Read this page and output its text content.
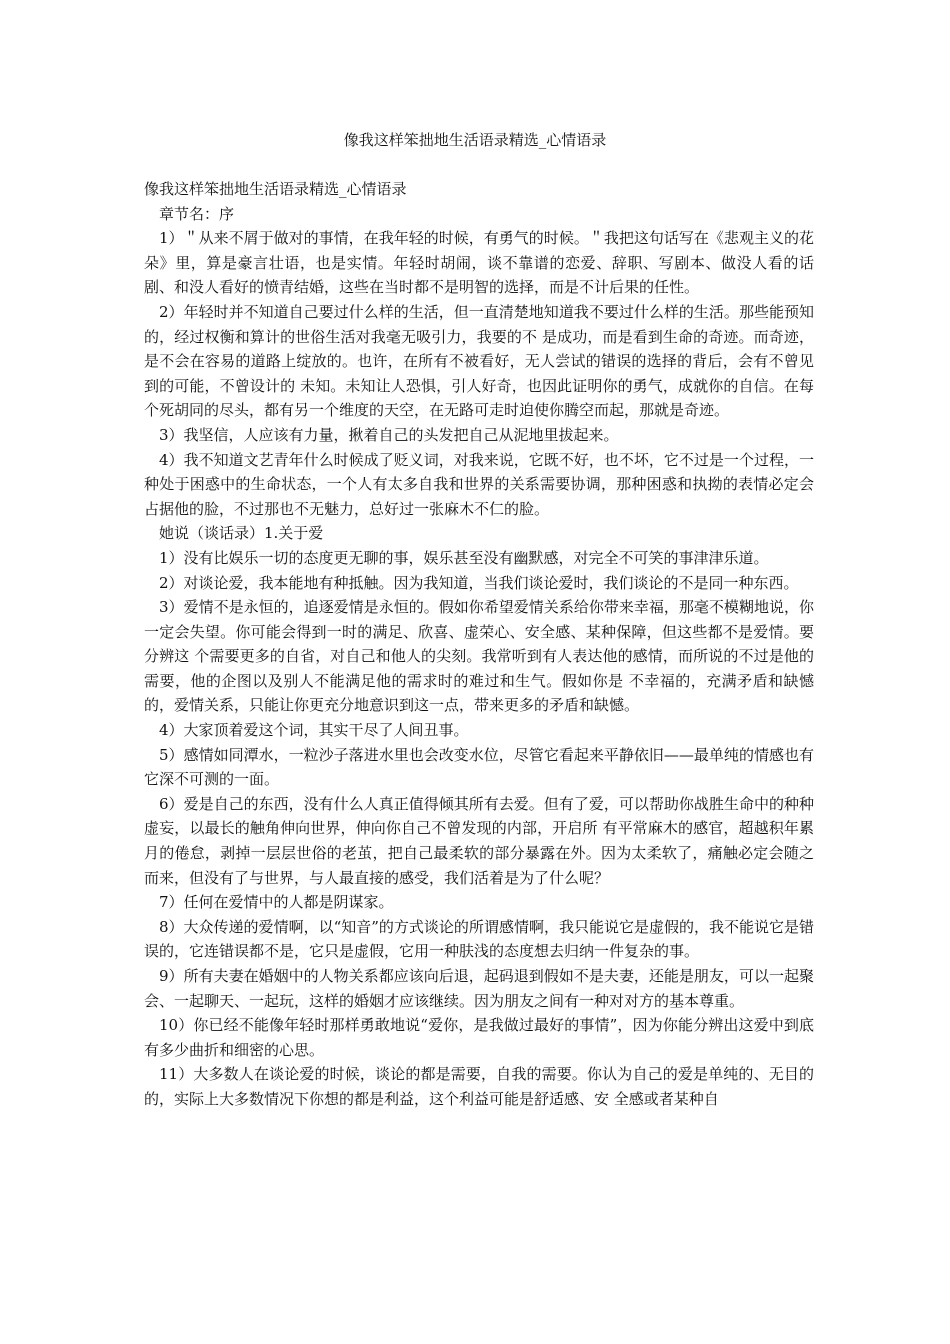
像我这样笨拙地生活语录精选_心情语录

像我这样笨拙地生活语录精选_心情语录

章节名：序

1）＂从来不屑于做对的事情，在我年轻的时候，有勇气的时候。＂我把这句话写在《悲观主义的花朵》里，算是豪言壮语，也是实情。年轻时胡闹，谈不靠谱的恋爱、辞职、写剧本、做没人看的话剧、和没人看好的愤青结婚，这些在当时都不是明智的选择，而是不计后果的任性。

2）年轻时并不知道自己要过什么样的生活，但一直清楚地知道我不要过什么样的生活。那些能预知的，经过权衡和算计的世俗生活对我毫无吸引力，我要的不 是成功，而是看到生命的奇迹。而奇迹，是不会在容易的道路上绽放的。也许，在所有不被看好，无人尝试的错误的选择的背后，会有不曾见到的可能，不曾设计的 未知。未知让人恐惧，引人好奇，也因此证明你的勇气，成就你的自信。在每个死胡同的尽头，都有另一个维度的天空，在无路可走时迫使你腾空而起，那就是奇迹。

3）我坚信，人应该有力量，揪着自己的头发把自己从泥地里拔起来。

4）我不知道文艺青年什么时候成了贬义词，对我来说，它既不好，也不坏，它不过是一个过程，一种处于困惑中的生命状态，一个人有太多自我和世界的关系需要协调，那种困惑和执拗的表情必定会占据他的脸，不过那也不无魅力，总好过一张麻木不仁的脸。

她说（谈话录）1.关于爱

1）没有比娱乐一切的态度更无聊的事，娱乐甚至没有幽默感，对完全不可笑的事津津乐道。

2）对谈论爱，我本能地有种抵触。因为我知道，当我们谈论爱时，我们谈论的不是同一种东西。

3）爱情不是永恒的，追逐爱情是永恒的。假如你希望爱情关系给你带来幸福，那毫不模糊地说，你一定会失望。你可能会得到一时的满足、欣喜、虚荣心、安全感、某种保障，但这些都不是爱情。要分辨这 个需要更多的自省，对自己和他人的尖刻。我常听到有人表达他的感情，而所说的不过是他的需要，他的企图以及别人不能满足他的需求时的难过和生气。假如你是 不幸福的，充满矛盾和缺憾的，爱情关系，只能让你更充分地意识到这一点，带来更多的矛盾和缺憾。

4）大家顶着爱这个词，其实干尽了人间丑事。

5）感情如同潭水，一粒沙子落进水里也会改变水位，尽管它看起来平静依旧——最单纯的情感也有它深不可测的一面。

6）爱是自己的东西，没有什么人真正值得倾其所有去爱。但有了爱，可以帮助你战胜生命中的种种虚妄，以最长的触角伸向世界，伸向你自己不曾发现的内部，开启所 有平常麻木的感官，超越积年累月的倦怠，剥掉一层层世俗的老茧，把自己最柔软的部分暴露在外。因为太柔软了，痛触必定会随之而来，但没有了与世界，与人最直接的感受，我们活着是为了什么呢？

7）任何在爱情中的人都是阴谋家。

8）大众传递的爱情啊，以“知音”的方式谈论的所谓感情啊，我只能说它是虚假的，我不能说它是错误的，它连错误都不是，它只是虚假，它用一种肤浅的态度想去归纳一件复杂的事。

9）所有夫妻在婚姻中的人物关系都应该向后退，起码退到假如不是夫妻，还能是朋友，可以一起聚会、一起聊天、一起玩，这样的婚姻才应该继续。因为朋友之间有一种对对方的基本尊重。

10）你已经不能像年轻时那样勇敢地说“爱你，是我做过最好的事情”，因为你能分辨出这爱中到底有多少曲折和细密的心思。

11）大多数人在谈论爱的时候，谈论的都是需要，自我的需要。你认为自己的爱是单纯的、无目的的，实际上大多数情况下你想的都是利益，这个利益可能是舒适感、安 全感或者某种自
